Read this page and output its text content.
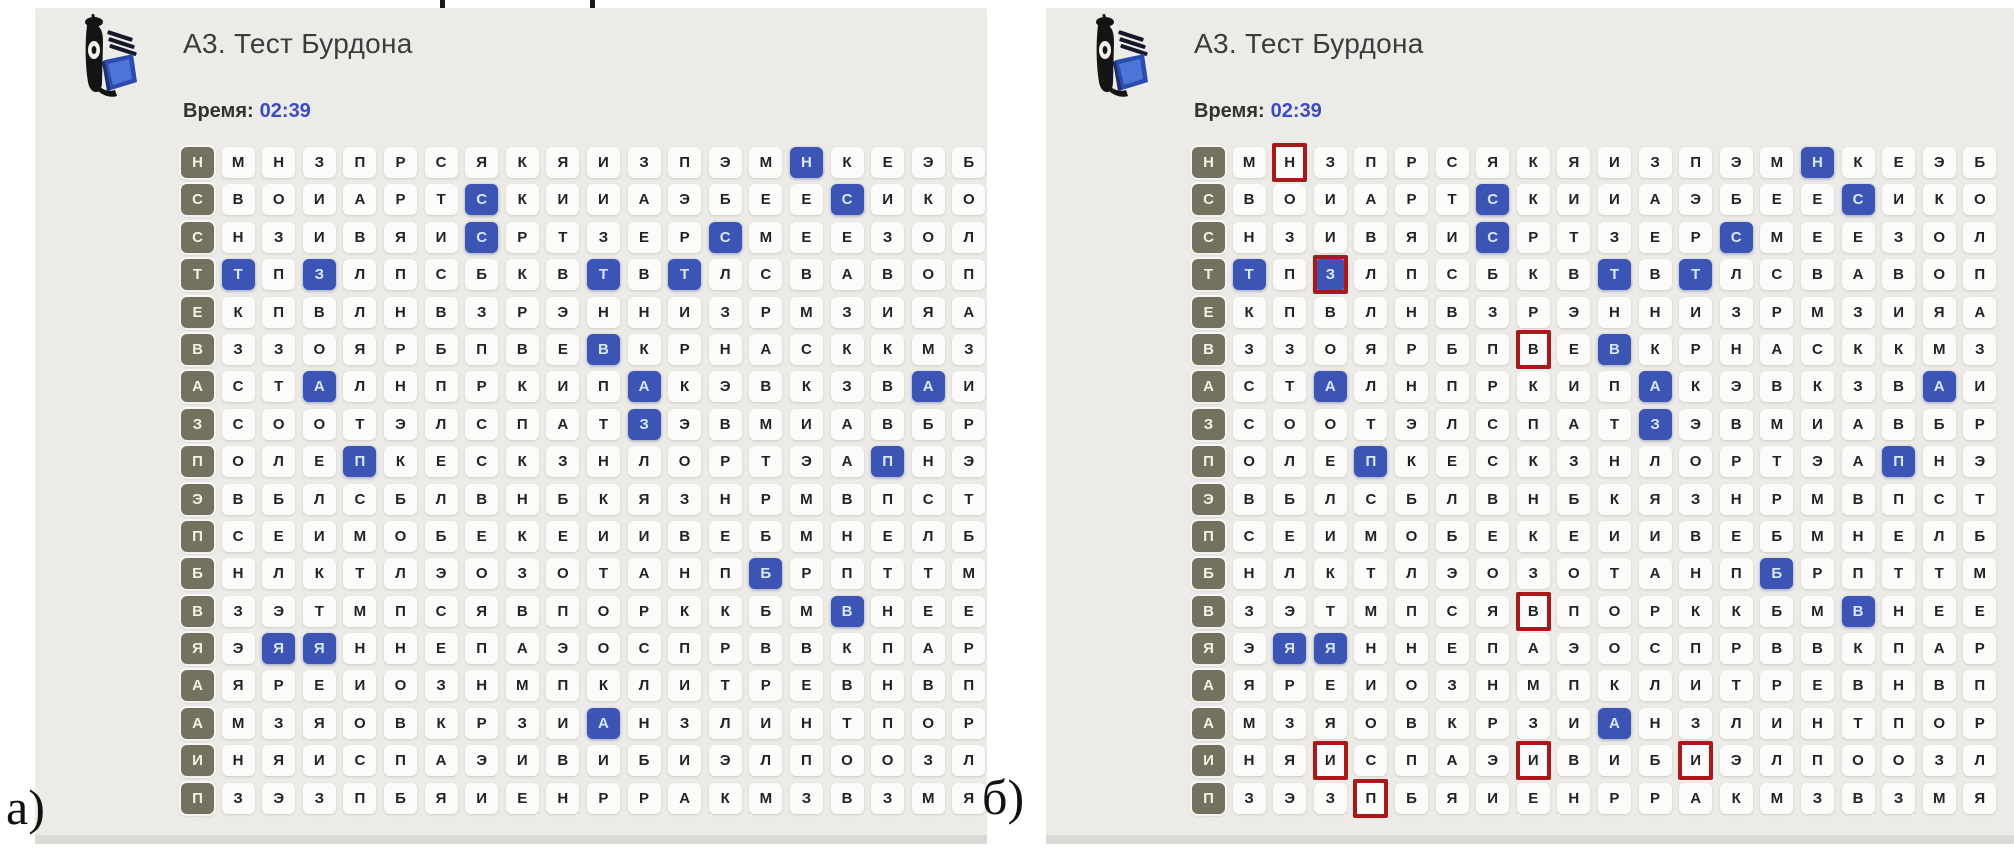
А3. Тест Бурдона
Время: 02:39
Н	М	Н	З	П	Р	С	Я	К	Я	И	З	П	Э	М	Н	К	Е	Э	Б
С	В	О	И	А	Р	Т	С	К	И	И	А	Э	Б	Е	Е	С	И	К	О
С	Н	З	И	В	Я	И	С	Р	Т	З	Е	Р	С	М	Е	Е	З	О	Л
Т	Т	П	З	Л	П	С	Б	К	В	Т	В	Т	Л	С	В	А	В	О	П
Е	К	П	В	Л	Н	В	З	Р	Э	Н	Н	И	З	Р	М	З	И	Я	А
В	З	З	О	Я	Р	Б	П	В	Е	В	К	Р	Н	А	С	К	К	М	З
А	С	Т	А	Л	Н	П	Р	К	И	П	А	К	Э	В	К	З	В	А	И
З	С	О	О	Т	Э	Л	С	П	А	Т	З	Э	В	М	И	А	В	Б	Р
П	О	Л	Е	П	К	Е	С	К	З	Н	Л	О	Р	Т	Э	А	П	Н	Э
Э	В	Б	Л	С	Б	Л	В	Н	Б	К	Я	З	Н	Р	М	В	П	С	Т
П	С	Е	И	М	О	Б	Е	К	Е	И	И	В	Е	Б	М	Н	Е	Л	Б
Б	Н	Л	К	Т	Л	Э	О	З	О	Т	А	Н	П	Б	Р	П	Т	Т	М
В	З	Э	Т	М	П	С	Я	В	П	О	Р	К	К	Б	М	В	Н	Е	Е
Я	Э	Я	Я	Н	Н	Е	П	А	Э	О	С	П	Р	В	В	К	П	А	Р
А	Я	Р	Е	И	О	З	Н	М	П	К	Л	И	Т	Р	Е	В	Н	В	П
А	М	З	Я	О	В	К	Р	З	И	А	Н	З	Л	И	Н	Т	П	О	Р
И	Н	Я	И	С	П	А	Э	И	В	И	Б	И	Э	Л	П	О	О	З	Л
П	З	Э	З	П	Б	Я	И	Е	Н	Р	Р	А	К	М	З	В	З	М	Я
А3. Тест Бурдона
Время: 02:39
Н	М	Н	З	П	Р	С	Я	К	Я	И	З	П	Э	М	Н	К	Е	Э	Б
С	В	О	И	А	Р	Т	С	К	И	И	А	Э	Б	Е	Е	С	И	К	О
С	Н	З	И	В	Я	И	С	Р	Т	З	Е	Р	С	М	Е	Е	З	О	Л
Т	Т	П	З	Л	П	С	Б	К	В	Т	В	Т	Л	С	В	А	В	О	П
Е	К	П	В	Л	Н	В	З	Р	Э	Н	Н	И	З	Р	М	З	И	Я	А
В	З	З	О	Я	Р	Б	П	В	Е	В	К	Р	Н	А	С	К	К	М	З
А	С	Т	А	Л	Н	П	Р	К	И	П	А	К	Э	В	К	З	В	А	И
З	С	О	О	Т	Э	Л	С	П	А	Т	З	Э	В	М	И	А	В	Б	Р
П	О	Л	Е	П	К	Е	С	К	З	Н	Л	О	Р	Т	Э	А	П	Н	Э
Э	В	Б	Л	С	Б	Л	В	Н	Б	К	Я	З	Н	Р	М	В	П	С	Т
П	С	Е	И	М	О	Б	Е	К	Е	И	И	В	Е	Б	М	Н	Е	Л	Б
Б	Н	Л	К	Т	Л	Э	О	З	О	Т	А	Н	П	Б	Р	П	Т	Т	М
В	З	Э	Т	М	П	С	Я	В	П	О	Р	К	К	Б	М	В	Н	Е	Е
Я	Э	Я	Я	Н	Н	Е	П	А	Э	О	С	П	Р	В	В	К	П	А	Р
А	Я	Р	Е	И	О	З	Н	М	П	К	Л	И	Т	Р	Е	В	Н	В	П
А	М	З	Я	О	В	К	Р	З	И	А	Н	З	Л	И	Н	Т	П	О	Р
И	Н	Я	И	С	П	А	Э	И	В	И	Б	И	Э	Л	П	О	О	З	Л
П	З	Э	З	П	Б	Я	И	Е	Н	Р	Р	А	К	М	З	В	З	М	Я
а)	б)
